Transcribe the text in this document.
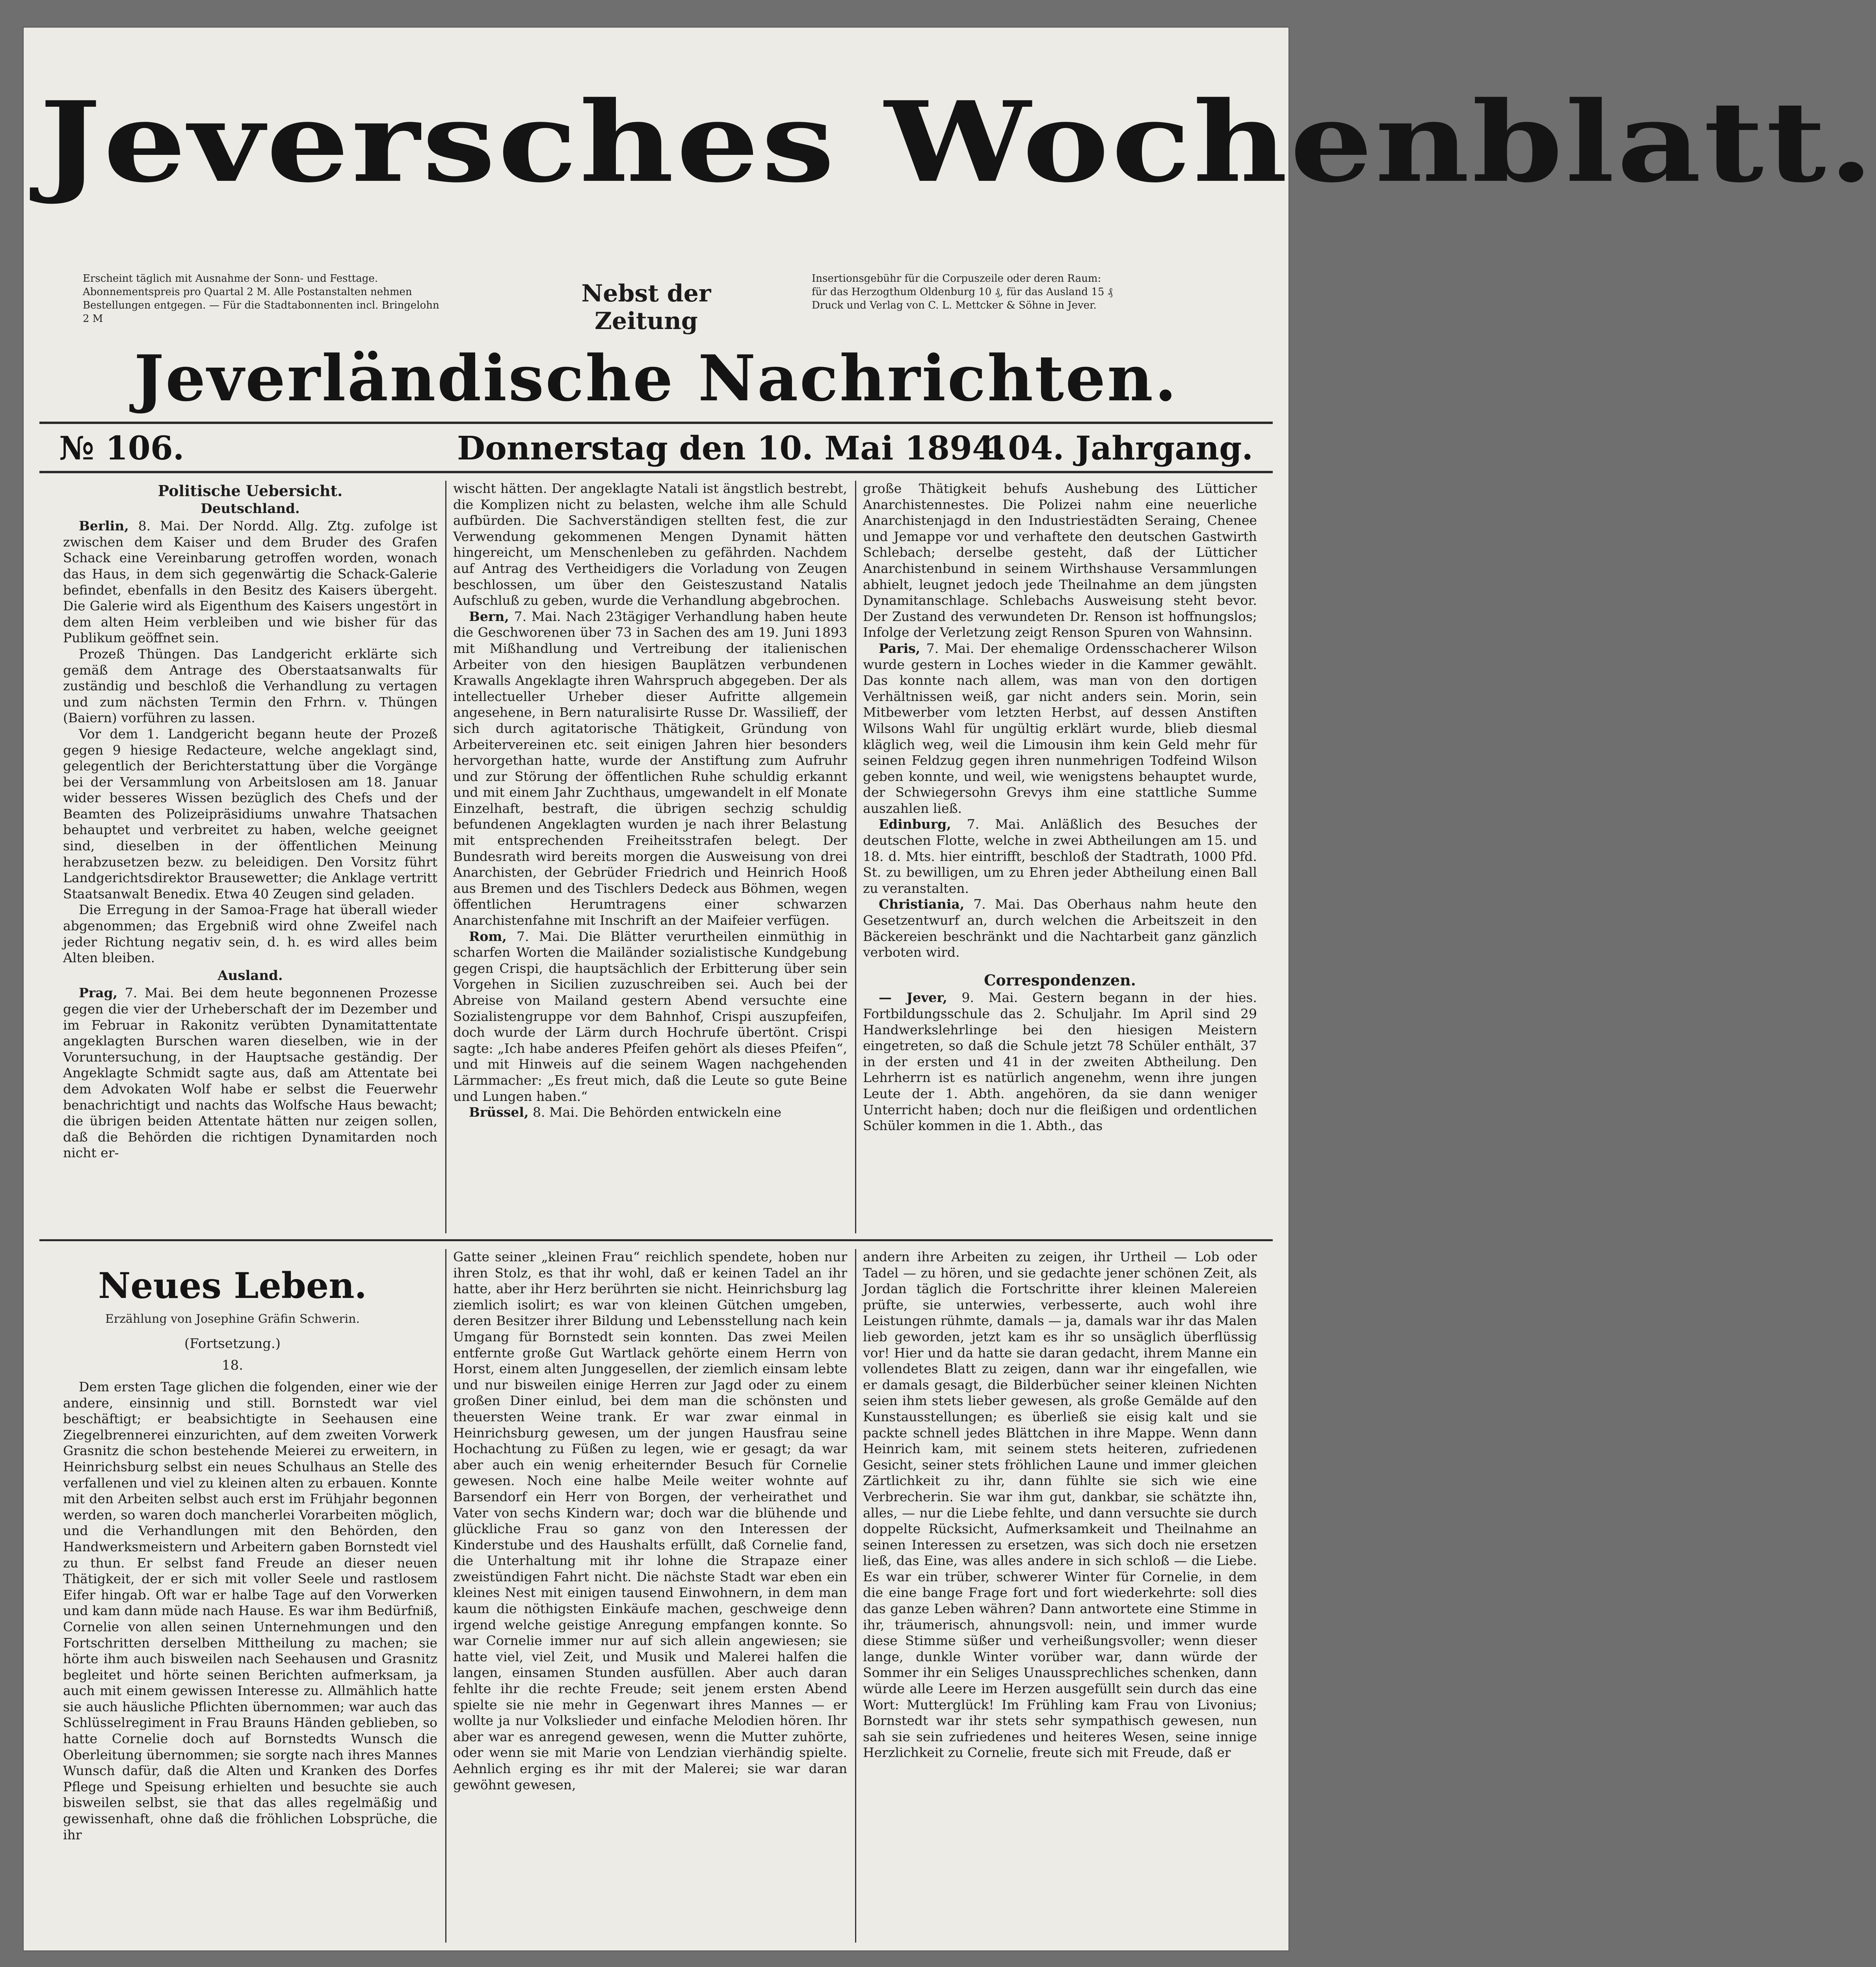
Jeversches Wochenblatt.
Erscheint täglich mit Ausnahme der Sonn- und Festtage.
Abonnementspreis pro Quartal 2 M. Alle Postanstalten nehmen
Bestellungen entgegen. — Für die Stadtabonnenten incl. Bringelohn 2 M
Nebst der Zeitung
Insertionsgebühr für die Corpuszeile oder deren Raum:
für das Herzogthum Oldenburg 10 ₰, für das Ausland 15 ₰
Druck und Verlag von C. L. Mettcker & Söhne in Jever.
Jeverländische Nachrichten.
№ 106.	Donnerstag den 10. Mai 1894.
104. Jahrgang.

Politische Uebersicht.

Deutschland.

Berlin, 8. Mai. Der Nordd. Allg. Ztg. zufolge ist zwischen dem Kaiser und dem Bruder des Grafen Schack eine Vereinbarung getroffen worden, wonach das Haus, in dem sich gegenwärtig die Schack-Galerie befindet, ebenfalls in den Besitz des Kaisers übergeht. Die Galerie wird als Eigenthum des Kaisers ungestört in dem alten Heim verbleiben und wie bisher für das Publikum geöffnet sein.

Prozeß Thüngen. Das Landgericht erklärte sich gemäß dem Antrage des Oberstaatsanwalts für zuständig und beschloß die Verhandlung zu vertagen und zum nächsten Termin den Frhrn. v. Thüngen (Baiern) vorführen zu lassen.

Vor dem 1. Landgericht begann heute der Prozeß gegen 9 hiesige Redacteure, welche angeklagt sind, gelegentlich der Berichterstattung über die Vorgänge bei der Versammlung von Arbeitslosen am 18. Januar wider besseres Wissen bezüglich des Chefs und der Beamten des Polizeipräsidiums unwahre Thatsachen behauptet und verbreitet zu haben, welche geeignet sind, dieselben in der öffentlichen Meinung herabzusetzen bezw. zu beleidigen. Den Vorsitz führt Landgerichtsdirektor Brausewetter; die Anklage vertritt Staatsanwalt Benedix. Etwa 40 Zeugen sind geladen.

Die Erregung in der Samoa-Frage hat überall wieder abgenommen; das Ergebniß wird ohne Zweifel nach jeder Richtung negativ sein, d. h. es wird alles beim Alten bleiben.

Ausland.

Prag, 7. Mai. Bei dem heute begonnenen Prozesse gegen die vier der Urheberschaft der im Dezember und im Februar in Rakonitz verübten Dynamitattentate angeklagten Burschen waren dieselben, wie in der Voruntersuchung, in der Hauptsache geständig. Der Angeklagte Schmidt sagte aus, daß am Attentate bei dem Advokaten Wolf habe er selbst die Feuerwehr benachrichtigt und nachts das Wolfsche Haus bewacht; die übrigen beiden Attentate hätten nur zeigen sollen, daß die Behörden die richtigen Dynamitarden noch nicht er-

wischt hätten. Der angeklagte Natali ist ängstlich bestrebt, die Komplizen nicht zu belasten, welche ihm alle Schuld aufbürden. Die Sachverständigen stellten fest, die zur Verwendung gekommenen Mengen Dynamit hätten hingereicht, um Menschenleben zu gefährden. Nachdem auf Antrag des Vertheidigers die Vorladung von Zeugen beschlossen, um über den Geisteszustand Natalis Aufschluß zu geben, wurde die Verhandlung abgebrochen.

Bern, 7. Mai. Nach 23tägiger Verhandlung haben heute die Geschworenen über 73 in Sachen des am 19. Juni 1893 mit Mißhandlung und Vertreibung der italienischen Arbeiter von den hiesigen Bauplätzen verbundenen Krawalls Angeklagte ihren Wahrspruch abgegeben. Der als intellectueller Urheber dieser Aufritte allgemein angesehene, in Bern naturalisirte Russe Dr. Wassilieff, der sich durch agitatorische Thätigkeit, Gründung von Arbeitervereinen etc. seit einigen Jahren hier besonders hervorgethan hatte, wurde der Anstiftung zum Aufruhr und zur Störung der öffentlichen Ruhe schuldig erkannt und mit einem Jahr Zuchthaus, umgewandelt in elf Monate Einzelhaft, bestraft, die übrigen sechzig schuldig befundenen Angeklagten wurden je nach ihrer Belastung mit entsprechenden Freiheitsstrafen belegt. Der Bundesrath wird bereits morgen die Ausweisung von drei Anarchisten, der Gebrüder Friedrich und Heinrich Hooß aus Bremen und des Tischlers Dedeck aus Böhmen, wegen öffentlichen Herumtragens einer schwarzen Anarchistenfahne mit Inschrift an der Maifeier verfügen.

Rom, 7. Mai. Die Blätter verurtheilen einmüthig in scharfen Worten die Mailänder sozialistische Kundgebung gegen Crispi, die hauptsächlich der Erbitterung über sein Vorgehen in Sicilien zuzuschreiben sei. Auch bei der Abreise von Mailand gestern Abend versuchte eine Sozialistengruppe vor dem Bahnhof, Crispi auszupfeifen, doch wurde der Lärm durch Hochrufe übertönt. Crispi sagte: „Ich habe anderes Pfeifen gehört als dieses Pfeifen“, und mit Hinweis auf die seinem Wagen nachgehenden Lärmmacher: „Es freut mich, daß die Leute so gute Beine und Lungen haben.“

Brüssel, 8. Mai. Die Behörden entwickeln eine

große Thätigkeit behufs Aushebung des Lütticher Anarchistennestes. Die Polizei nahm eine neuerliche Anarchistenjagd in den Industriestädten Seraing, Chenee und Jemappe vor und verhaftete den deutschen Gastwirth Schlebach; derselbe gesteht, daß der Lütticher Anarchistenbund in seinem Wirthshause Versammlungen abhielt, leugnet jedoch jede Theilnahme an dem jüngsten Dynamitanschlage. Schlebachs Ausweisung steht bevor. Der Zustand des verwundeten Dr. Renson ist hoffnungslos; Infolge der Verletzung zeigt Renson Spuren von Wahnsinn.

Paris, 7. Mai. Der ehemalige Ordensschacherer Wilson wurde gestern in Loches wieder in die Kammer gewählt. Das konnte nach allem, was man von den dortigen Verhältnissen weiß, gar nicht anders sein. Morin, sein Mitbewerber vom letzten Herbst, auf dessen Anstiften Wilsons Wahl für ungültig erklärt wurde, blieb diesmal kläglich weg, weil die Limousin ihm kein Geld mehr für seinen Feldzug gegen ihren nunmehrigen Todfeind Wilson geben konnte, und weil, wie wenigstens behauptet wurde, der Schwiegersohn Grevys ihm eine stattliche Summe auszahlen ließ.

Edinburg, 7. Mai. Anläßlich des Besuches der deutschen Flotte, welche in zwei Abtheilungen am 15. und 18. d. Mts. hier eintrifft, beschloß der Stadtrath, 1000 Pfd. St. zu bewilligen, um zu Ehren jeder Abtheilung einen Ball zu veranstalten.

Christiania, 7. Mai. Das Oberhaus nahm heute den Gesetzentwurf an, durch welchen die Arbeitszeit in den Bäckereien beschränkt und die Nachtarbeit ganz gänzlich verboten wird.

Correspondenzen.

— Jever, 9. Mai. Gestern begann in der hies. Fortbildungsschule das 2. Schuljahr. Im April sind 29 Handwerkslehrlinge bei den hiesigen Meistern eingetreten, so daß die Schule jetzt 78 Schüler enthält, 37 in der ersten und 41 in der zweiten Abtheilung. Den Lehrherrn ist es natürlich angenehm, wenn ihre jungen Leute der 1. Abth. angehören, da sie dann weniger Unterricht haben; doch nur die fleißigen und ordentlichen Schüler kommen in die 1. Abth., das

Neues Leben.
Erzählung von Josephine Gräfin Schwerin.
(Fortsetzung.)
18.

Dem ersten Tage glichen die folgenden, einer wie der andere, einsinnig und still. Bornstedt war viel beschäftigt; er beabsichtigte in Seehausen eine Ziegelbrennerei einzurichten, auf dem zweiten Vorwerk Grasnitz die schon bestehende Meierei zu erweitern, in Heinrichsburg selbst ein neues Schulhaus an Stelle des verfallenen und viel zu kleinen alten zu erbauen. Konnte mit den Arbeiten selbst auch erst im Frühjahr begonnen werden, so waren doch mancherlei Vorarbeiten möglich, und die Verhandlungen mit den Behörden, den Handwerksmeistern und Arbeitern gaben Bornstedt viel zu thun. Er selbst fand Freude an dieser neuen Thätigkeit, der er sich mit voller Seele und rastlosem Eifer hingab. Oft war er halbe Tage auf den Vorwerken und kam dann müde nach Hause. Es war ihm Bedürfniß, Cornelie von allen seinen Unternehmungen und den Fortschritten derselben Mittheilung zu machen; sie hörte ihm auch bisweilen nach Seehausen und Grasnitz begleitet und hörte seinen Berichten aufmerksam, ja auch mit einem gewissen Interesse zu. Allmählich hatte sie auch häusliche Pflichten übernommen; war auch das Schlüsselregiment in Frau Brauns Händen geblieben, so hatte Cornelie doch auf Bornstedts Wunsch die Oberleitung übernommen; sie sorgte nach ihres Mannes Wunsch dafür, daß die Alten und Kranken des Dorfes Pflege und Speisung erhielten und besuchte sie auch bisweilen selbst, sie that das alles regelmäßig und gewissenhaft, ohne daß die fröhlichen Lobsprüche, die ihr

Gatte seiner „kleinen Frau“ reichlich spendete, hoben nur ihren Stolz, es that ihr wohl, daß er keinen Tadel an ihr hatte, aber ihr Herz berührten sie nicht. Heinrichsburg lag ziemlich isolirt; es war von kleinen Gütchen umgeben, deren Besitzer ihrer Bildung und Lebensstellung nach kein Umgang für Bornstedt sein konnten. Das zwei Meilen entfernte große Gut Wartlack gehörte einem Herrn von Horst, einem alten Junggesellen, der ziemlich einsam lebte und nur bisweilen einige Herren zur Jagd oder zu einem großen Diner einlud, bei dem man die schönsten und theuersten Weine trank. Er war zwar einmal in Heinrichsburg gewesen, um der jungen Hausfrau seine Hochachtung zu Füßen zu legen, wie er gesagt; da war aber auch ein wenig erheiternder Besuch für Cornelie gewesen. Noch eine halbe Meile weiter wohnte auf Barsendorf ein Herr von Borgen, der verheirathet und Vater von sechs Kindern war; doch war die blühende und glückliche Frau so ganz von den Interessen der Kinderstube und des Haushalts erfüllt, daß Cornelie fand, die Unterhaltung mit ihr lohne die Strapaze einer zweistündigen Fahrt nicht. Die nächste Stadt war eben ein kleines Nest mit einigen tausend Einwohnern, in dem man kaum die nöthigsten Einkäufe machen, geschweige denn irgend welche geistige Anregung empfangen konnte. So war Cornelie immer nur auf sich allein angewiesen; sie hatte viel, viel Zeit, und Musik und Malerei halfen die langen, einsamen Stunden ausfüllen. Aber auch daran fehlte ihr die rechte Freude; seit jenem ersten Abend spielte sie nie mehr in Gegenwart ihres Mannes — er wollte ja nur Volkslieder und einfache Melodien hören. Ihr aber war es anregend gewesen, wenn die Mutter zuhörte, oder wenn sie mit Marie von Lendzian vierhändig spielte. Aehnlich erging es ihr mit der Malerei; sie war daran gewöhnt gewesen,

andern ihre Arbeiten zu zeigen, ihr Urtheil — Lob oder Tadel — zu hören, und sie gedachte jener schönen Zeit, als Jordan täglich die Fortschritte ihrer kleinen Malereien prüfte, sie unterwies, verbesserte, auch wohl ihre Leistungen rühmte, damals — ja, damals war ihr das Malen lieb geworden, jetzt kam es ihr so unsäglich überflüssig vor! Hier und da hatte sie daran gedacht, ihrem Manne ein vollendetes Blatt zu zeigen, dann war ihr eingefallen, wie er damals gesagt, die Bilderbücher seiner kleinen Nichten seien ihm stets lieber gewesen, als große Gemälde auf den Kunstausstellungen; es überließ sie eisig kalt und sie packte schnell jedes Blättchen in ihre Mappe. Wenn dann Heinrich kam, mit seinem stets heiteren, zufriedenen Gesicht, seiner stets fröhlichen Laune und immer gleichen Zärtlichkeit zu ihr, dann fühlte sie sich wie eine Verbrecherin. Sie war ihm gut, dankbar, sie schätzte ihn, alles, — nur die Liebe fehlte, und dann versuchte sie durch doppelte Rücksicht, Aufmerksamkeit und Theilnahme an seinen Interessen zu ersetzen, was sich doch nie ersetzen ließ, das Eine, was alles andere in sich schloß — die Liebe. Es war ein trüber, schwerer Winter für Cornelie, in dem die eine bange Frage fort und fort wiederkehrte: soll dies das ganze Leben währen? Dann antwortete eine Stimme in ihr, träumerisch, ahnungsvoll: nein, und immer wurde diese Stimme süßer und verheißungsvoller; wenn dieser lange, dunkle Winter vorüber war, dann würde der Sommer ihr ein Seliges Unaussprechliches schenken, dann würde alle Leere im Herzen ausgefüllt sein durch das eine Wort: Mutterglück! Im Frühling kam Frau von Livonius; Bornstedt war ihr stets sehr sympathisch gewesen, nun sah sie sein zufriedenes und heiteres Wesen, seine innige Herzlichkeit zu Cornelie, freute sich mit Freude, daß er
